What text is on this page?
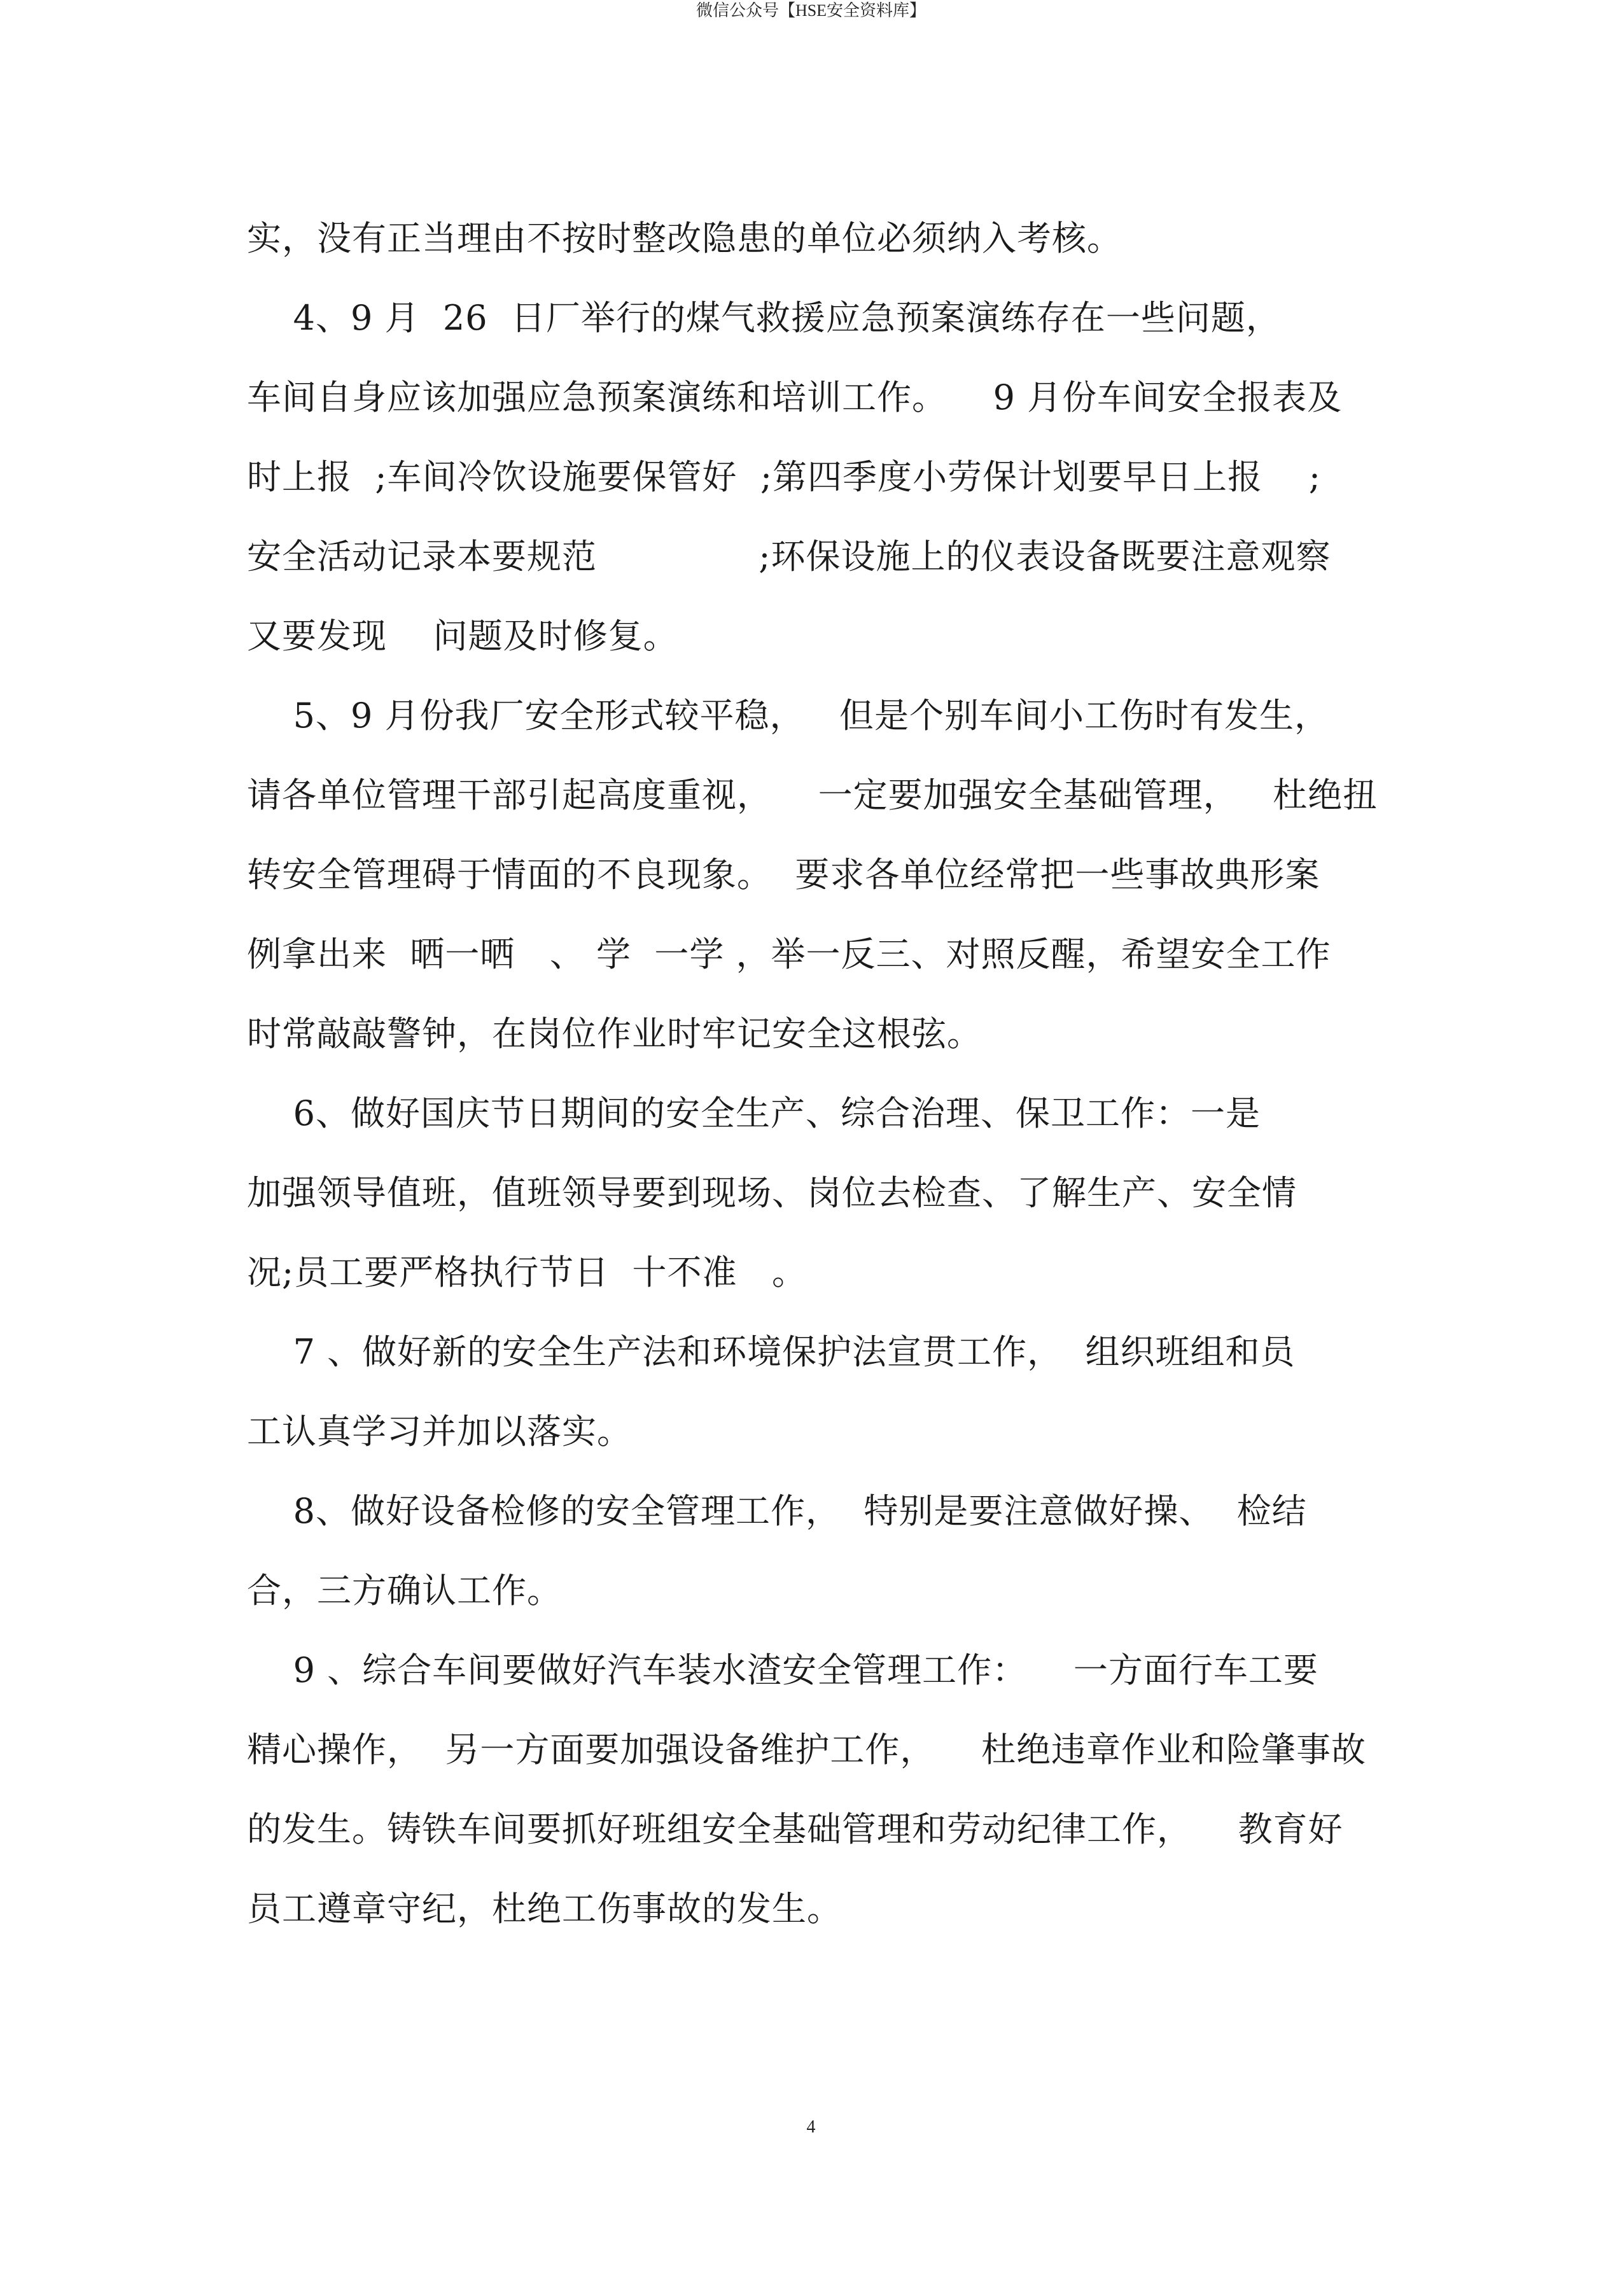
微信公众号【HSE安全资料库】
实，没有正当理由不按时整改隐患的单位必须纳入考核。
4、9 月  26  日厂举行的煤气救援应急预案演练存在一些问题，
车间自身应该加强应急预案演练和培训工作。    9 月份车间安全报表及
时上报  ;车间冷饮设施要保管好  ;第四季度小劳保计划要早日上报    ;
安全活动记录本要规范              ;环保设施上的仪表设备既要注意观察
又要发现    问题及时修复。
5、9 月份我厂安全形式较平稳，   但是个别车间小工伤时有发生，
请各单位管理干部引起高度重视，    一定要加强安全基础管理，   杜绝扭
转安全管理碍于情面的不良现象。  要求各单位经常把一些事故典形案
例拿出来  晒一晒   、 学  一学 ，举一反三、对照反醒，希望安全工作
时常敲敲警钟，在岗位作业时牢记安全这根弦。
6、做好国庆节日期间的安全生产、综合治理、保卫工作：一是
加强领导值班，值班领导要到现场、岗位去检查、了解生产、安全情
况;员工要严格执行节日  十不准   。
7 、做好新的安全生产法和环境保护法宣贯工作，  组织班组和员
工认真学习并加以落实。
8、做好设备检修的安全管理工作，  特别是要注意做好操、  检结
合，三方确认工作。
9 、综合车间要做好汽车装水渣安全管理工作：    一方面行车工要
精心操作，  另一方面要加强设备维护工作，    杜绝违章作业和险肇事故
的发生。铸铁车间要抓好班组安全基础管理和劳动纪律工作，    教育好
员工遵章守纪，杜绝工伤事故的发生。
4
